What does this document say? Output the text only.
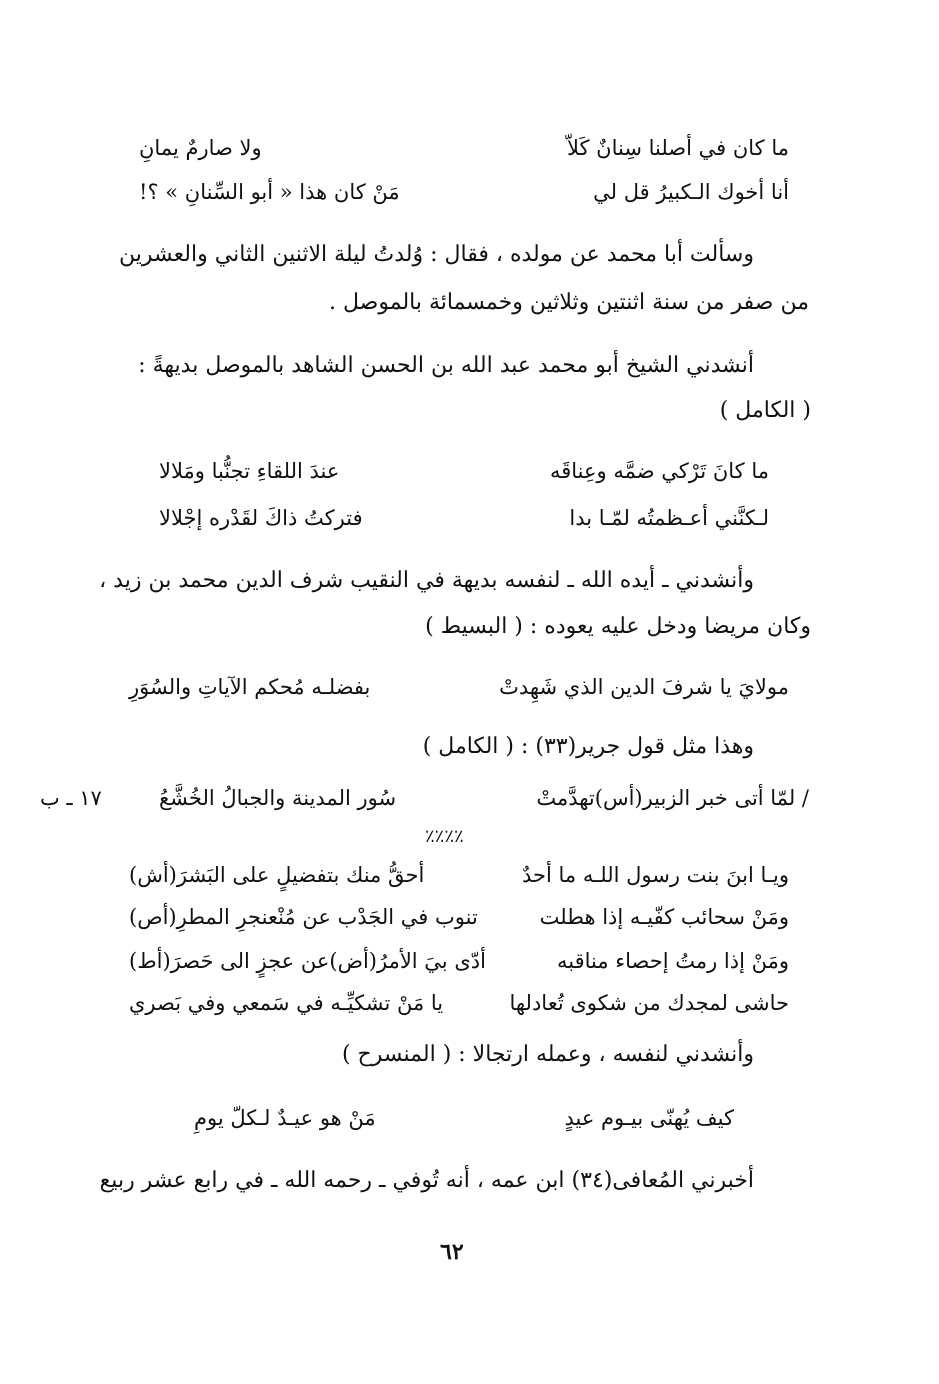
ما كان في أصلنا سِنانٌ كَلاّ
ولا صارمٌ يمانِ
أنا أخوك الـكبيرُ قل لي
مَنْ كان هذا « أبو السِّنانِ » ؟!
وسألت أبا محمد عن مولده ، فقال : وُلدتُ ليلة الاثنين الثاني والعشرين
من صفر من سنة اثنتين وثلاثين وخمسمائة بالموصل .
أنشدني الشيخ أبو محمد عبد الله بن الحسن الشاهد بالموصل بديهةً :
( الكامل )
ما كانَ تَرْكي ضمَّه وعِناقَه
عندَ اللقاءِ تجنُّبا ومَلالا
لـكنَّني أعـظمتُه لمّـا بدا
فتركتُ ذاكَ لقَدْره إجْلالا
وأنشدني ـ أيده الله ـ لنفسه بديهة في النقيب شرف الدين محمد بن زيد ،
وكان مريضا ودخل عليه يعوده : ( البسيط )
مولايَ يا شرفَ الدين الذي شَهِدتْ
بفضلـه مُحكم الآياتِ والسُوَرِ
وهذا مثل قول جرير(٣٣) : ( الكامل )
/ لمّا أتى خبر الزبير(أس)تهدَّمتْ
سُور المدينة والجبالُ الخُشَّعُ
١٧ ـ ب
٪٪٪٪
ويـا ابنَ بنت رسول اللـه ما أحدٌ
أحقُّ منك بتفضيلٍ على البَشرَ(أش)
ومَنْ سحائب كفّيـه إذا هطلت
تنوب في الجَدْب عن مُنْعنجرِ المطرِ(أص)
ومَنْ إذا رمتُ إحصاء مناقبه
أدّى بيَ الأمرُ(أض)عن عجزٍ الى حَصرَ(أط)
حاشى لمجدك من شكوى تُعادلها
يا مَنْ تشكيِّـه في سَمعي وفي بَصري
وأنشدني لنفسه ، وعمله ارتجالا : ( المنسرح )
كيف يُهنّى بيـوم عيدٍ
مَنْ هو عيـدٌ لـكلّ يومِ
أخبرني المُعافى(٣٤) ابن عمه ، أنه تُوفي ـ رحمه الله ـ في رابع عشر ربيع
٦٢
